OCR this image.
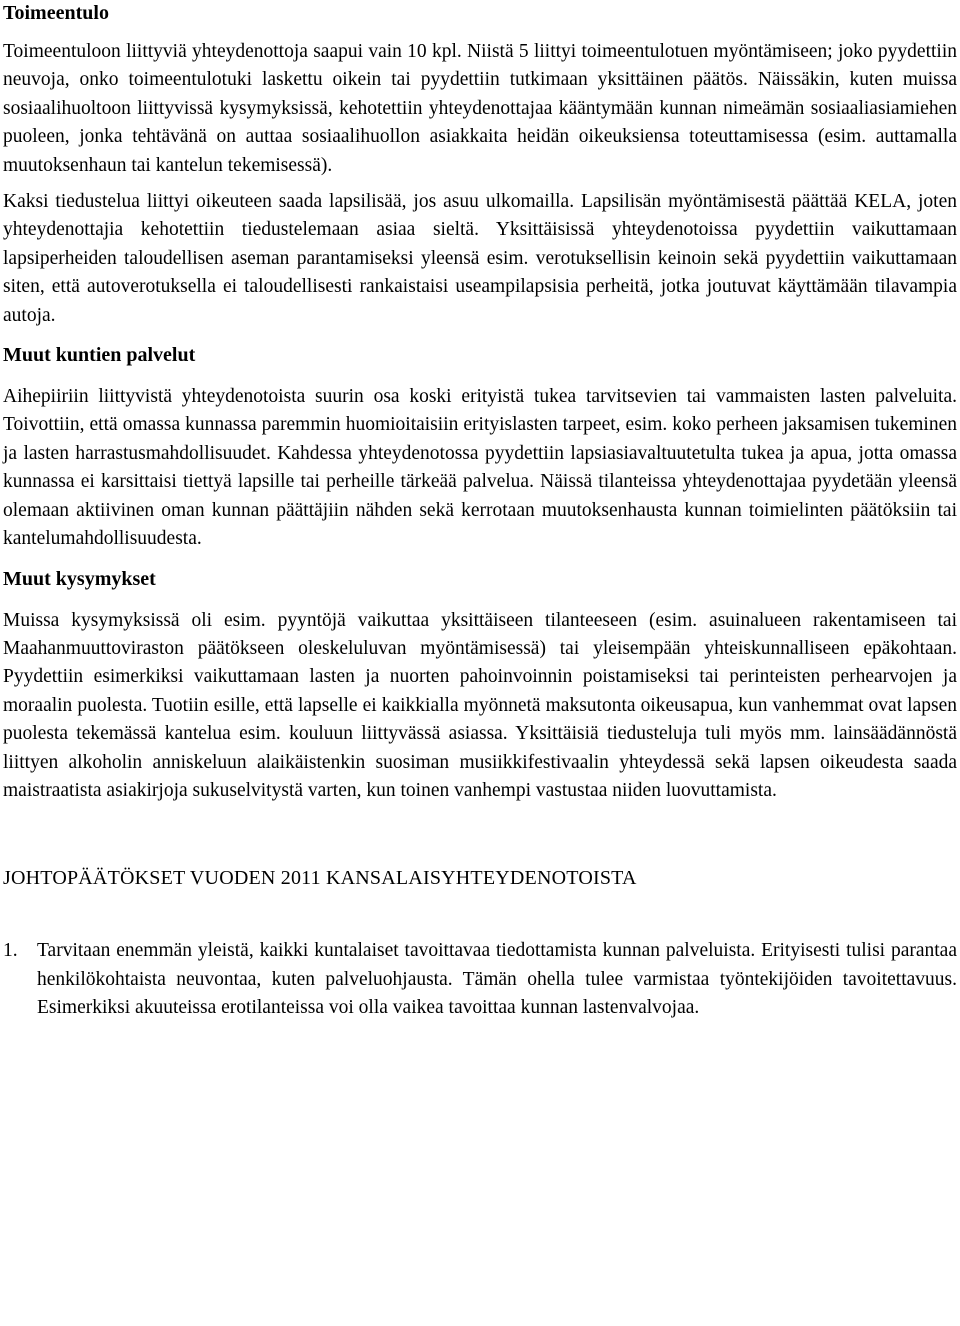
Toimeentulo

Toimeentuloon liittyviä yhteydenottoja saapui vain 10 kpl. Niistä 5 liittyi toimeentulotuen myöntämiseen; joko pyydettiin neuvoja, onko toimeentulotuki laskettu oikein tai pyydettiin tutkimaan yksittäinen päätös. Näissäkin, kuten muissa sosiaalihuoltoon liittyvissä kysymyksissä, kehotettiin yhteydenottajaa kääntymään kunnan nimeämän sosiaaliasiamiehen puoleen, jonka tehtävänä on auttaa sosiaalihuollon asiakkaita heidän oikeuksiensa toteuttamisessa (esim. auttamalla muutoksenhaun tai kantelun tekemisessä).

Kaksi tiedustelua liittyi oikeuteen saada lapsilisää, jos asuu ulkomailla. Lapsilisän myöntämisestä päättää KELA, joten yhteydenottajia kehotettiin tiedustelemaan asiaa sieltä. Yksittäisissä yhteydenotoissa pyydettiin vaikuttamaan lapsiperheiden taloudellisen aseman parantamiseksi yleensä esim. verotuksellisin keinoin sekä pyydettiin vaikuttamaan siten, että autoverotuksella ei taloudellisesti rankaistaisi useampilapsisia perheitä, jotka joutuvat käyttämään tilavampia autoja.

Muut kuntien palvelut

Aihepiiriin liittyvistä yhteydenotoista suurin osa koski erityistä tukea tarvitsevien tai vammaisten lasten palveluita. Toivottiin, että omassa kunnassa paremmin huomioitaisiin erityislasten tarpeet, esim. koko perheen jaksamisen tukeminen ja lasten harrastusmahdollisuudet. Kahdessa yhteydenotossa pyydettiin lapsiasiavaltuutetulta tukea ja apua, jotta omassa kunnassa ei karsittaisi tiettyä lapsille tai perheille tärkeää palvelua. Näissä tilanteissa yhteydenottajaa pyydetään yleensä olemaan aktiivinen oman kunnan päättäjiin nähden sekä kerrotaan muutoksenhausta kunnan toimielinten päätöksiin tai kantelumahdollisuudesta.

Muut kysymykset

Muissa kysymyksissä oli esim. pyyntöjä vaikuttaa yksittäiseen tilanteeseen (esim. asuinalueen rakentamiseen tai Maahanmuuttoviraston päätökseen oleskeluluvan myöntämisessä) tai yleisempään yhteiskunnalliseen epäkohtaan. Pyydettiin esimerkiksi vaikuttamaan lasten ja nuorten pahoinvoinnin poistamiseksi tai perinteisten perhearvojen ja moraalin puolesta. Tuotiin esille, että lapselle ei kaikkialla myönnetä maksutonta oikeusapua, kun vanhemmat ovat lapsen puolesta tekemässä kantelua esim. kouluun liittyvässä asiassa. Yksittäisiä tiedusteluja tuli myös mm. lainsäädännöstä liittyen alkoholin anniskeluun alaikäistenkin suosiman musiikkifestivaalin yhteydessä sekä lapsen oikeudesta saada maistraatista asiakirjoja sukuselvitystä varten, kun toinen vanhempi vastustaa niiden luovuttamista.

JOHTOPÄÄTÖKSET VUODEN 2011 KANSALAISYHTEYDENOTOISTA
1. Tarvitaan enemmän yleistä, kaikki kuntalaiset tavoittavaa tiedottamista kunnan palveluista. Erityisesti tulisi parantaa henkilökohtaista neuvontaa, kuten palveluohjausta. Tämän ohella tulee varmistaa työntekijöiden tavoitettavuus. Esimerkiksi akuuteissa erotilanteissa voi olla vaikea tavoittaa kunnan lastenvalvojaa.
